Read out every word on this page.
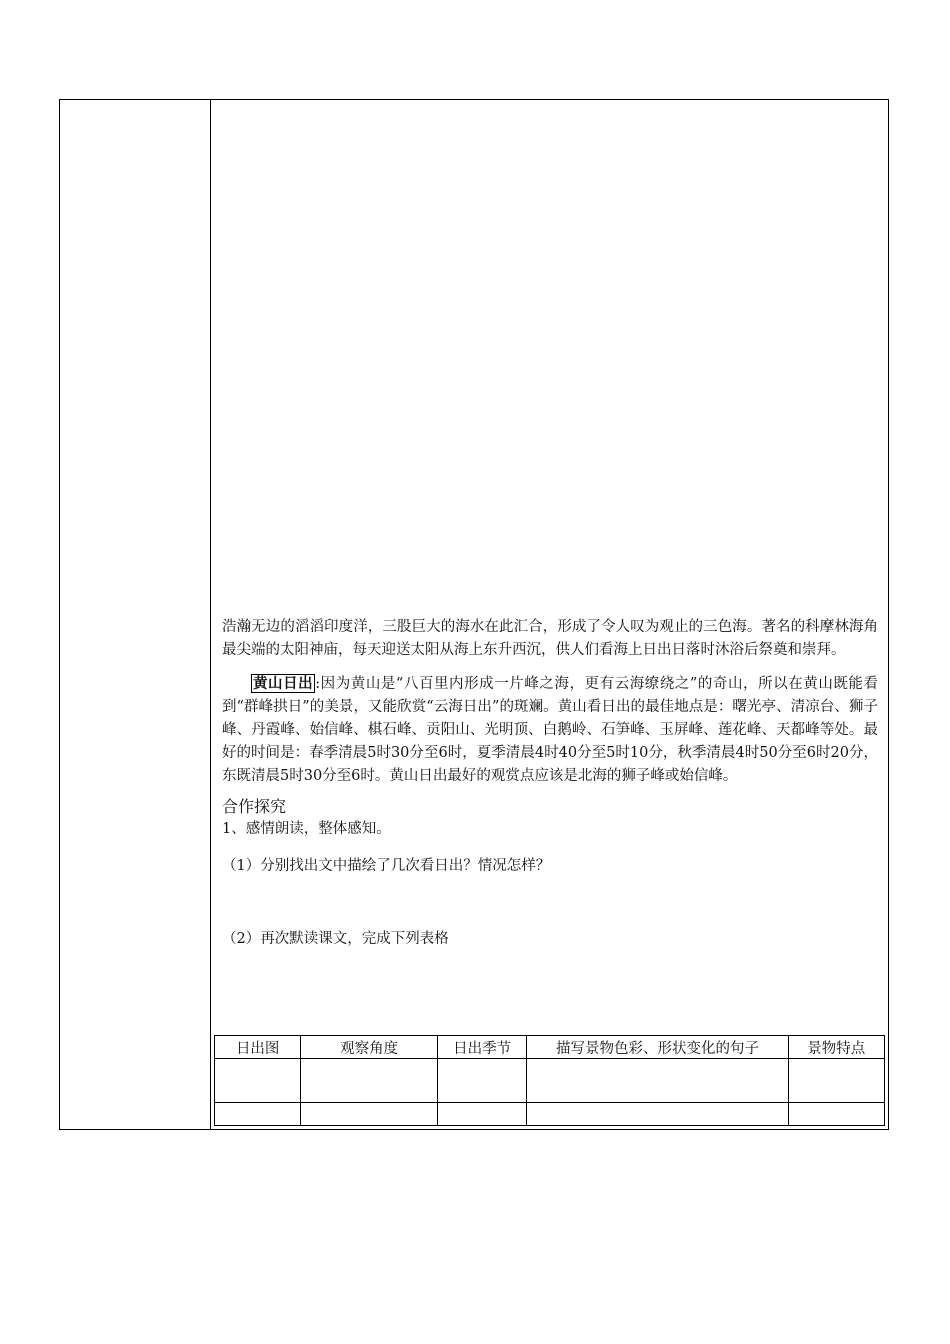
浩瀚无边的滔滔印度洋，三股巨大的海水在此汇合，形成了令人叹为观止的三色海。著名的科摩林海角最尖端的太阳神庙，每天迎送太阳从海上东升西沉，供人们看海上日出日落时沐浴后祭奠和崇拜。

黄山日出 :因为黄山是“八百里内形成一片峰之海，更有云海缭绕之”的奇山，所以在黄山既能看到“群峰拱日”的美景，又能欣赏“云海日出”的斑斓。黄山看日出的最佳地点是：曙光亭、清凉台、狮子峰、丹霞峰、始信峰、棋石峰、贡阳山、光明顶、白鹅岭、石笋峰、玉屏峰、莲花峰、天都峰等处。最好的时间是：春季清晨5时30分至6时，夏季清晨4时40分至5时10分，秋季清晨4时50分至6时20分，东既清晨5时30分至6时。黄山日出最好的观赏点应该是北海的狮子峰或始信峰。

合作探究

1、感情朗读，整体感知。

（1）分别找出文中描绘了几次看日出？情况怎样？

（2）再次默读课文，完成下列表格

日出图	观察角度	日出季节	描写景物色彩、形状变化的句子	景物特点
